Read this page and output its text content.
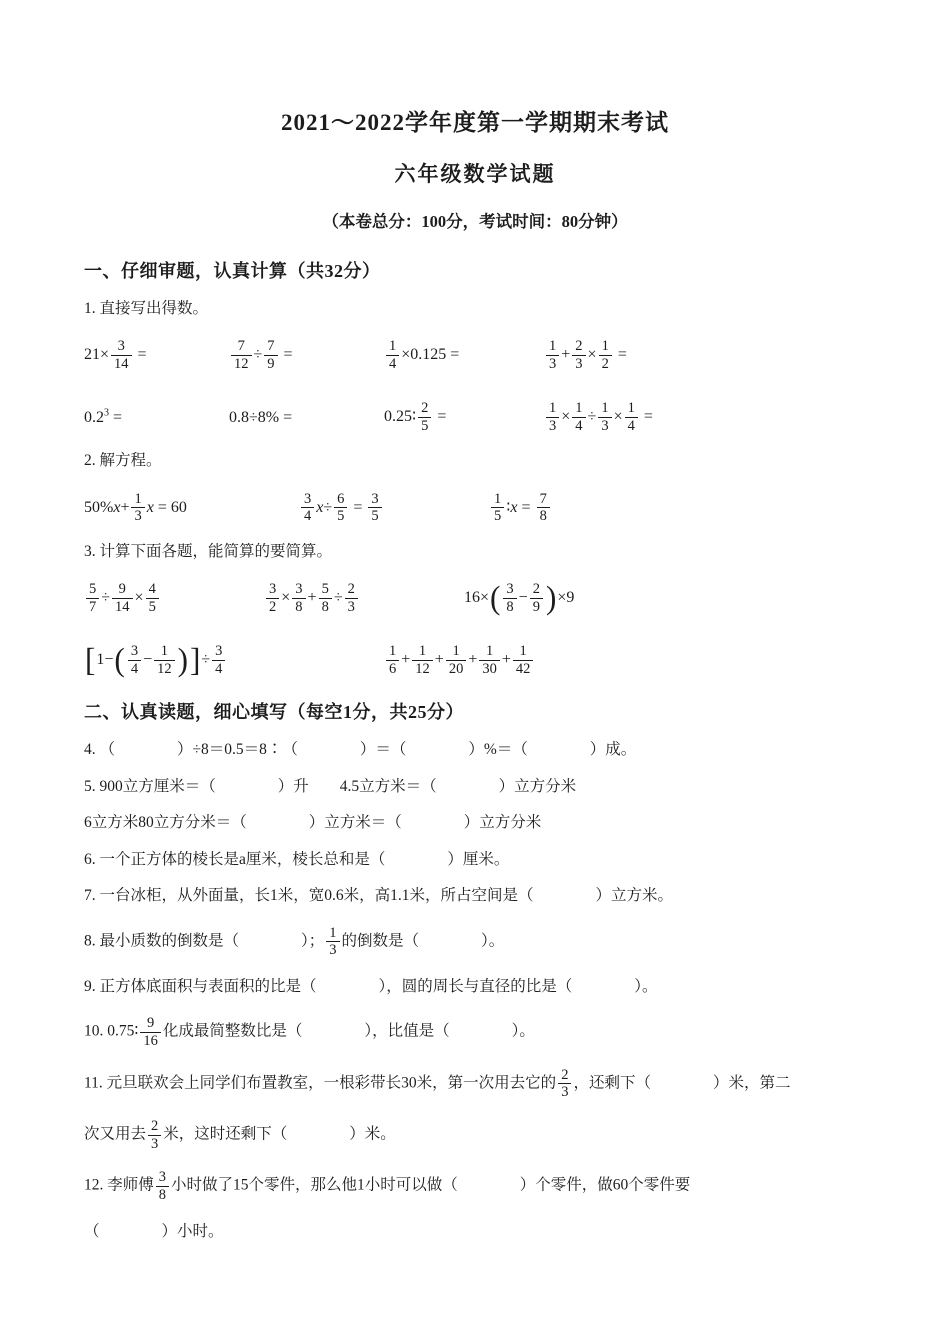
2021～2022学年度第一学期期末考试
六年级数学试题
（本卷总分：100分，考试时间：80分钟）
一、仔细审题，认真计算（共32分）
1. 直接写出得数。
$21\times \frac{3}{14}$ =	$\frac{7}{12} \div \frac{7}{9}$ =	$\frac{1}{4} \times 0.125$ =	$\frac{1}{3} + \frac{2}{3} \times \frac{1}{2}$ =
$0.2^3$ =	0.8÷8% =	0.25∶ $\frac{2}{5}$ =	$\frac{1}{3} \times \frac{1}{4} \div \frac{1}{3} \times \frac{1}{4}$ =
2. 解方程。
$50\%x+ \frac{1}{3}$ x = 60	$\frac{3}{4} x\div \frac{6}{5} = \frac{3}{5}$	$\frac{1}{5}$ ∶x = $\frac{7}{8}$
3. 计算下面各题，能简算的要简算。
$\frac{5}{7} \div \frac{9}{14} \times \frac{4}{5}$	$\frac{3}{2} \times \frac{3}{8} + \frac{5}{8} \div \frac{2}{3}$	$16\times( \frac{3}{8} - \frac{2}{9} )\times 9$
[$1-( \frac{3}{4} - \frac{1}{12}$ )]÷ $\frac{3}{4}$	$\frac{1}{6} + \frac{1}{12} + \frac{1}{20} + \frac{1}{30} + \frac{1}{42}$
二、认真读题，细心填写（每空1分，共25分）
4. （　　　　）÷8＝0.5＝8∶（　　　　）＝（　　　　）%＝（　　　　）成。
5. 900立方厘米＝（　　　　）升　　4.5立方米＝（　　　　）立方分米
6立方米80立方分米＝（　　　　）立方米＝（　　　　）立方分米
6. 一个正方体的棱长是a厘米，棱长总和是（　　　　）厘米。
7. 一台冰柜，从外面量，长1米，宽0.6米，高1.1米，所占空间是（　　　　）立方米。
8. 最小质数的倒数是（　　　　）； $\frac{1}{3}$ 的倒数是（　　　　）。
9. 正方体底面积与表面积的比是（　　　　），圆的周长与直径的比是（　　　　）。
10. 0.75∶ $\frac{9}{16}$ 化成最简整数比是（　　　　），比值是（　　　　）。
11. 元旦联欢会上同学们布置教室，一根彩带长30米，第一次用去它的 $\frac{2}{3}$ ，还剩下（　　　　）米，第二
次又用去 $\frac{2}{3}$ 米，这时还剩下（　　　　）米。
12. 李师傅 $\frac{3}{8}$ 小时做了15个零件，那么他1小时可以做（　　　　）个零件，做60个零件要
（　　　　）小时。
